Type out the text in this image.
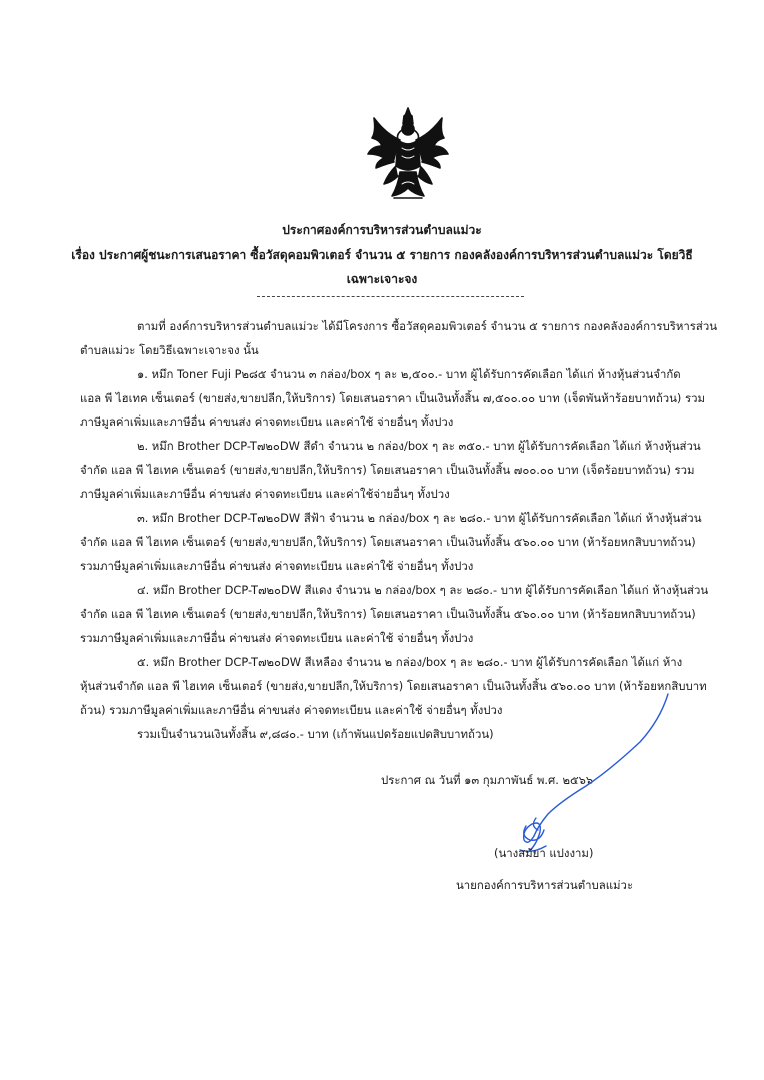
ประกาศองค์การบริหารส่วนตำบลแม่วะ
เรื่อง ประกาศผู้ชนะการเสนอราคา ซื้อวัสดุคอมพิวเตอร์ จำนวน ๕ รายการ กองคลังองค์การบริหารส่วนตำบลแม่วะ โดยวิธี
เฉพาะเจาะจง
ตามที่ องค์การบริหารส่วนตำบลแม่วะ ได้มีโครงการ ซื้อวัสดุคอมพิวเตอร์ จำนวน ๕ รายการ กองคลังองค์การบริหารส่วน
ตำบลแม่วะ โดยวิธีเฉพาะเจาะจง นั้น
๑. หมึก Toner Fuji P๒๘๕ จำนวน ๓ กล่อง/box ๆ ละ ๒,๕๐๐.- บาท ผู้ได้รับการคัดเลือก ได้แก่ ห้างหุ้นส่วนจำกัด
แอล พี ไฮเทค เซ็นเตอร์ (ขายส่ง,ขายปลีก,ให้บริการ) โดยเสนอราคา เป็นเงินทั้งสิ้น ๗,๕๐๐.๐๐ บาท (เจ็ดพันห้าร้อยบาทถ้วน) รวม
ภาษีมูลค่าเพิ่มและภาษีอื่น ค่าขนส่ง ค่าจดทะเบียน และค่าใช้ จ่ายอื่นๆ ทั้งปวง
๒. หมึก Brother DCP-T๗๒๐DW สีดำ จำนวน ๒ กล่อง/box ๆ ละ ๓๕๐.- บาท ผู้ได้รับการคัดเลือก ได้แก่ ห้างหุ้นส่วน
จำกัด แอล พี ไฮเทค เซ็นเตอร์ (ขายส่ง,ขายปลีก,ให้บริการ) โดยเสนอราคา เป็นเงินทั้งสิ้น ๗๐๐.๐๐ บาท (เจ็ดร้อยบาทถ้วน) รวม
ภาษีมูลค่าเพิ่มและภาษีอื่น ค่าขนส่ง ค่าจดทะเบียน และค่าใช้จ่ายอื่นๆ ทั้งปวง
๓. หมึก Brother DCP-T๗๒๐DW สีฟ้า จำนวน ๒ กล่อง/box ๆ ละ ๒๘๐.- บาท ผู้ได้รับการคัดเลือก ได้แก่ ห้างหุ้นส่วน
จำกัด แอล พี ไฮเทค เซ็นเตอร์ (ขายส่ง,ขายปลีก,ให้บริการ) โดยเสนอราคา เป็นเงินทั้งสิ้น ๕๖๐.๐๐ บาท (ห้าร้อยหกสิบบาทถ้วน)
รวมภาษีมูลค่าเพิ่มและภาษีอื่น ค่าขนส่ง ค่าจดทะเบียน และค่าใช้ จ่ายอื่นๆ ทั้งปวง
๔. หมึก Brother DCP-T๗๒๐DW สีแดง จำนวน ๒ กล่อง/box ๆ ละ ๒๘๐.- บาท ผู้ได้รับการคัดเลือก ได้แก่ ห้างหุ้นส่วน
จำกัด แอล พี ไฮเทค เซ็นเตอร์ (ขายส่ง,ขายปลีก,ให้บริการ) โดยเสนอราคา เป็นเงินทั้งสิ้น ๕๖๐.๐๐ บาท (ห้าร้อยหกสิบบาทถ้วน)
รวมภาษีมูลค่าเพิ่มและภาษีอื่น ค่าขนส่ง ค่าจดทะเบียน และค่าใช้ จ่ายอื่นๆ ทั้งปวง
๕. หมึก Brother DCP-T๗๒๐DW สีเหลือง จำนวน ๒ กล่อง/box ๆ ละ ๒๘๐.- บาท ผู้ได้รับการคัดเลือก ได้แก่ ห้าง
หุ้นส่วนจำกัด แอล พี ไฮเทค เซ็นเตอร์ (ขายส่ง,ขายปลีก,ให้บริการ) โดยเสนอราคา เป็นเงินทั้งสิ้น ๕๖๐.๐๐ บาท (ห้าร้อยหกสิบบาท
ถ้วน) รวมภาษีมูลค่าเพิ่มและภาษีอื่น ค่าขนส่ง ค่าจดทะเบียน และค่าใช้ จ่ายอื่นๆ ทั้งปวง
รวมเป็นจำนวนเงินทั้งสิ้น ๙,๘๘๐.- บาท (เก้าพันแปดร้อยแปดสิบบาทถ้วน)
ประกาศ ณ วันที่ ๑๓ กุมภาพันธ์ พ.ศ. ๒๕๖๖
(นางสมัยา แปงงาม)
นายกองค์การบริหารส่วนตำบลแม่วะ
